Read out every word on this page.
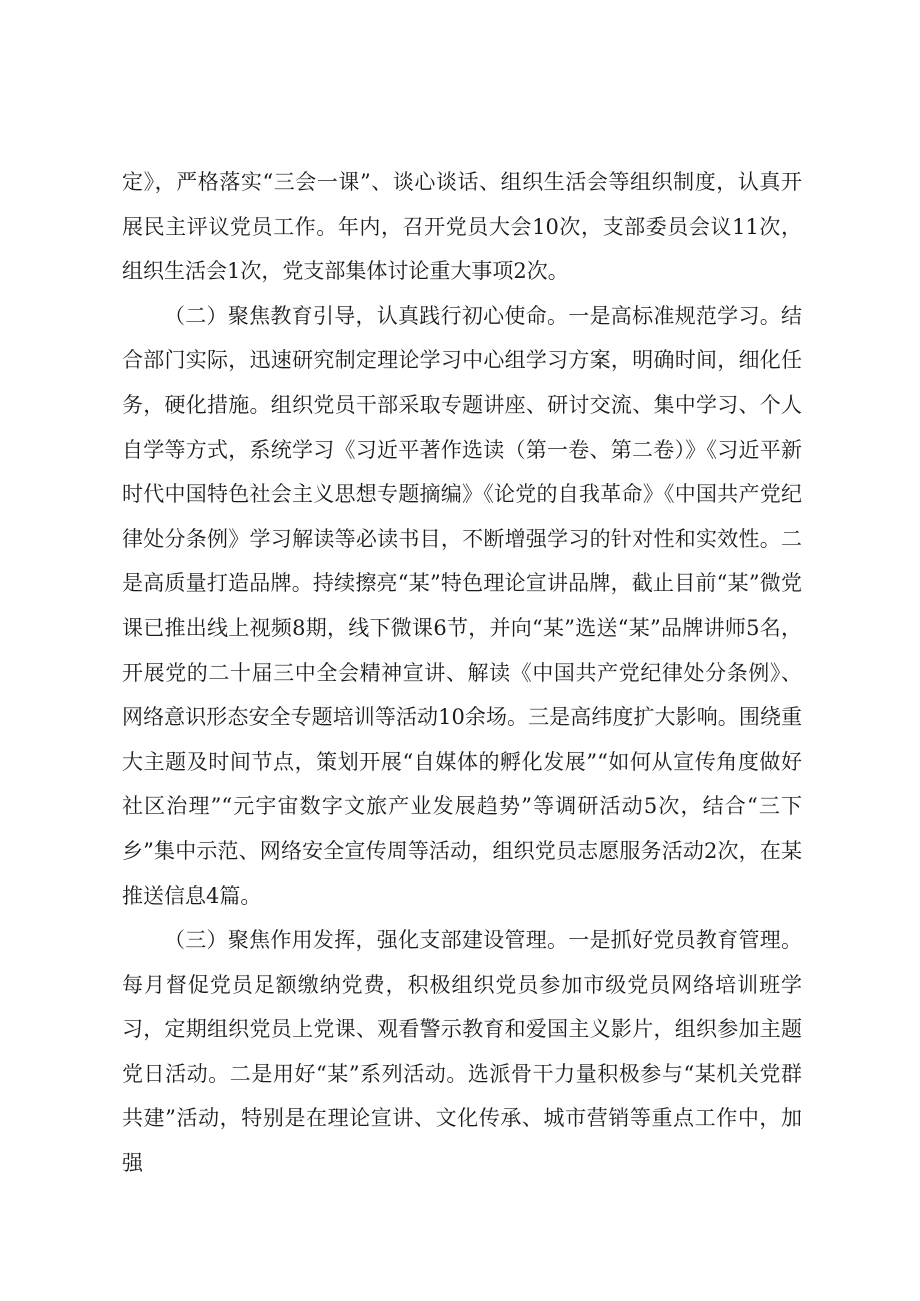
定》，严格落实“三会一课”、谈心谈话、组织生活会等组织制度，认真开展民主评议党员工作。年内，召开党员大会10次，支部委员会议11次，组织生活会1次，党支部集体讨论重大事项2次。

（二）聚焦教育引导，认真践行初心使命。一是高标准规范学习。结合部门实际，迅速研究制定理论学习中心组学习方案，明确时间，细化任务，硬化措施。组织党员干部采取专题讲座、研讨交流、集中学习、个人自学等方式，系统学习《习近平著作选读（第一卷、第二卷）》《习近平新时代中国特色社会主义思想专题摘编》《论党的自我革命》《中国共产党纪律处分条例》学习解读等必读书目，不断增强学习的针对性和实效性。二是高质量打造品牌。持续擦亮“某”特色理论宣讲品牌，截止目前“某”微党课已推出线上视频8期，线下微课6节，并向“某”选送“某”品牌讲师5名，开展党的二十届三中全会精神宣讲、解读《中国共产党纪律处分条例》、网络意识形态安全专题培训等活动10余场。三是高纬度扩大影响。围绕重大主题及时间节点，策划开展“自媒体的孵化发展”“如何从宣传角度做好社区治理”“元宇宙数字文旅产业发展趋势”等调研活动5次，结合“三下乡”集中示范、网络安全宣传周等活动，组织党员志愿服务活动2次，在某推送信息4篇。

（三）聚焦作用发挥，强化支部建设管理。一是抓好党员教育管理。每月督促党员足额缴纳党费，积极组织党员参加市级党员网络培训班学习，定期组织党员上党课、观看警示教育和爱国主义影片，组织参加主题党日活动。二是用好“某”系列活动。选派骨干力量积极参与“某机关党群共建”活动，特别是在理论宣讲、文化传承、城市营销等重点工作中，加强
